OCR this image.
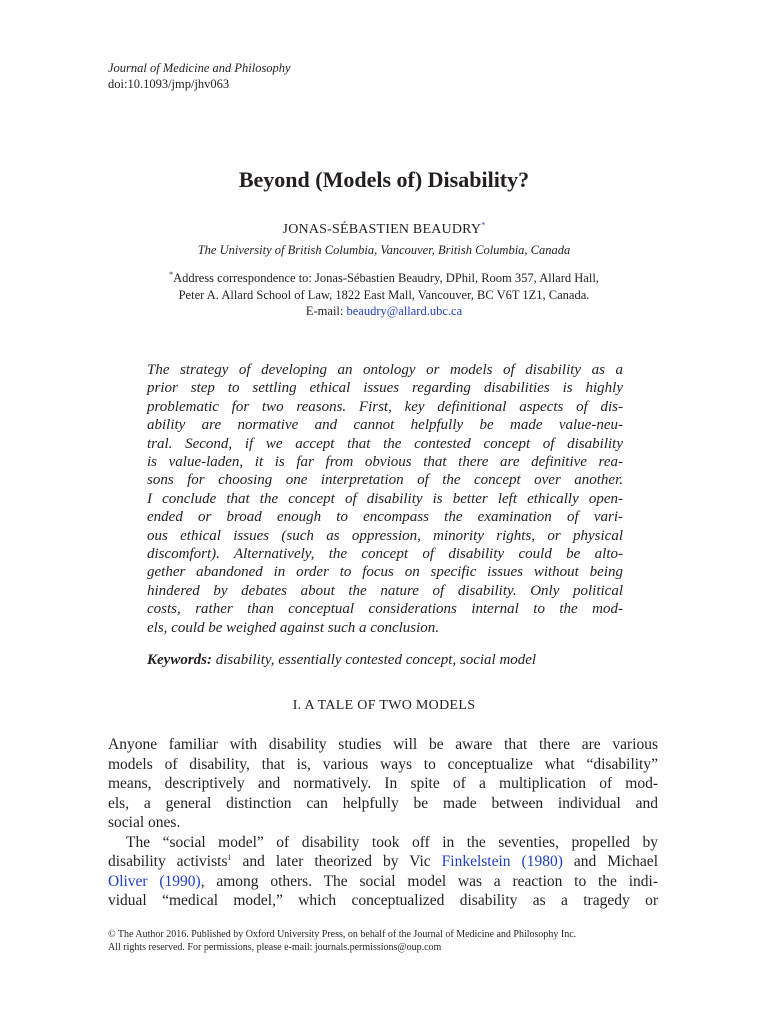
Journal of Medicine and Philosophy
doi:10.1093/jmp/jhv063
Beyond (Models of) Disability?
JONAS-SÉBASTIEN BEAUDRY*
The University of British Columbia, Vancouver, British Columbia, Canada
*Address correspondence to: Jonas-Sébastien Beaudry, DPhil, Room 357, Allard Hall,
Peter A. Allard School of Law, 1822 East Mall, Vancouver, BC V6T 1Z1, Canada.
E-mail: beaudry@allard.ubc.ca
The strategy of developing an ontology or models of disability as a
prior step to settling ethical issues regarding disabilities is highly
problematic for two reasons. First, key definitional aspects of dis-
ability are normative and cannot helpfully be made value-neu-
tral. Second, if we accept that the contested concept of disability
is value-laden, it is far from obvious that there are definitive rea-
sons for choosing one interpretation of the concept over another.
I conclude that the concept of disability is better left ethically open-
ended or broad enough to encompass the examination of vari-
ous ethical issues (such as oppression, minority rights, or physical
discomfort). Alternatively, the concept of disability could be alto-
gether abandoned in order to focus on specific issues without being
hindered by debates about the nature of disability. Only political
costs, rather than conceptual considerations internal to the mod-
els, could be weighed against such a conclusion.
Keywords: disability, essentially contested concept, social model
I. A TALE OF TWO MODELS
Anyone familiar with disability studies will be aware that there are various
models of disability, that is, various ways to conceptualize what “disability”
means, descriptively and normatively. In spite of a multiplication of mod-
els, a general distinction can helpfully be made between individual and
social ones.
The “social model” of disability took off in the seventies, propelled by
disability activists$^1$ and later theorized by Vic Finkelstein (1980) and Michael
Oliver (1990), among others. The social model was a reaction to the indi-
vidual “medical model,” which conceptualized disability as a tragedy or
© The Author 2016. Published by Oxford University Press, on behalf of the Journal of Medicine and Philosophy Inc.
All rights reserved. For permissions, please e-mail: journals.permissions@oup.com
